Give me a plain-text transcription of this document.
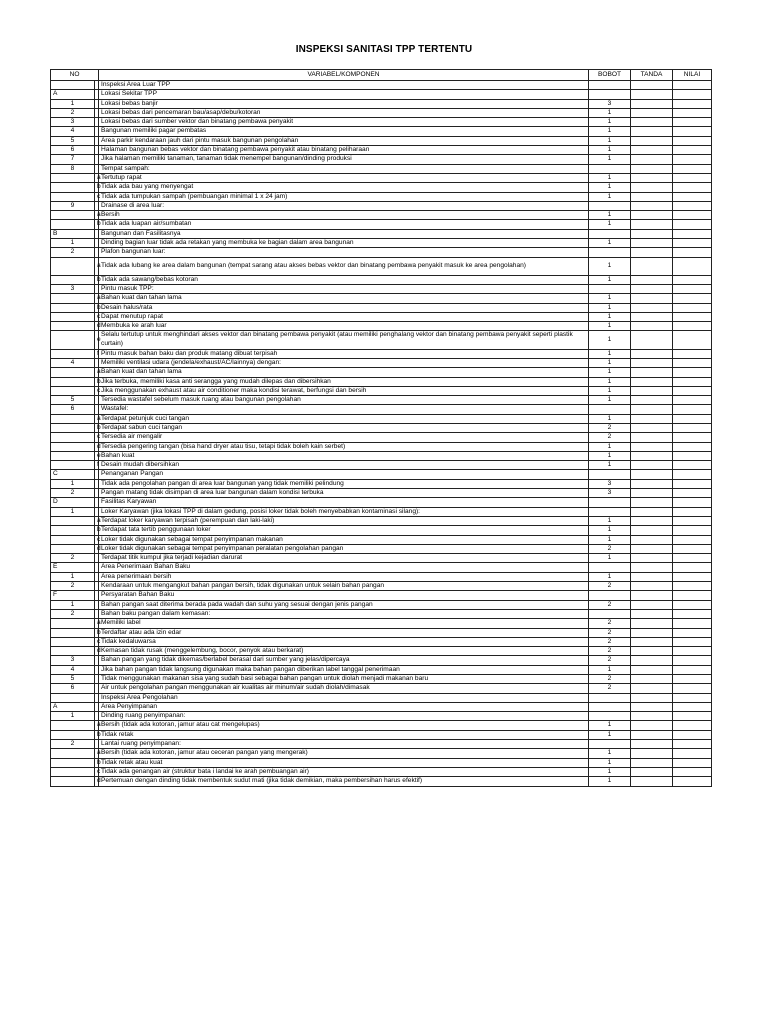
INSPEKSI SANITASI TPP TERTENTU
NO		VARIABEL/KOMPONEN	BOBOT	TANDA	NILAI
		Inspeksi Area Luar TPP			
A		Lokasi Sekitar TPP			
1		Lokasi bebas banjir	3		
2		Lokasi bebas dari pencemaran bau/asap/debu/kotoran	1		
3		Lokasi bebas dari sumber vektor dan binatang pembawa penyakit	1		
4		Bangunan memiliki pagar pembatas	1		
5		Area parkir kendaraan jauh dari pintu masuk bangunan pengolahan	1		
6		Halaman bangunan bebas vektor dan binatang pembawa penyakit atau binatang peliharaan	1		
7		Jika halaman memiliki tanaman, tanaman tidak menempel bangunan/dinding produksi	1		
8		Tempat sampah:			
	a	Tertutup rapat	1		
	b	Tidak ada bau yang menyengat	1		
	c	Tidak ada tumpukan sampah (pembuangan minimal 1 x 24 jam)	1		
9		Drainase di area luar:			
	a	Bersih	1		
	b	Tidak ada luapan air/sumbatan	1		
B		Bangunan dan Fasilitasnya			
1		Dinding bagian luar tidak ada retakan yang membuka ke bagian dalam area bangunan	1		
2		Plafon bangunan luar:			
	a	Tidak ada lubang ke area dalam bangunan (tempat sarang atau akses bebas vektor dan binatang pembawa penyakit masuk ke area pengolahan)	1		
	b	Tidak ada sawang/bebas kotoran	1		
3		Pintu masuk TPP:			
	a	Bahan kuat dan tahan lama	1		
	b	Desain halus/rata	1		
	c	Dapat menutup rapat	1		
	d	Membuka ke arah luar	1		
	e	Selalu tertutup untuk menghindari akses vektor dan binatang pembawa penyakit (atau memiliki penghalang vektor dan binatang pembawa penyakit seperti plastik curtain)	1		
	f	Pintu masuk bahan baku dan produk matang dibuat terpisah	1		
4		Memiliki ventilasi udara (jendela/exhaust/AC/lainnya) dengan:	1		
	a	Bahan kuat dan tahan lama	1		
	b	Jika terbuka, memiliki kasa anti serangga yang mudah dilepas dan dibersihkan	1		
	c	Jika menggunakan exhaust atau air conditioner maka kondisi terawat, berfungsi dan bersih	1		
5		Tersedia wastafel sebelum masuk ruang atau bangunan pengolahan	1		
6		Wastafel:			
	a	Terdapat petunjuk cuci tangan	1		
	b	Terdapat sabun cuci tangan	2		
	c	Tersedia air mengalir	2		
	d	Tersedia pengering tangan (bisa hand dryer atau tisu, tetapi tidak boleh kain serbet)	1		
	e	Bahan kuat	1		
	f	Desain mudah dibersihkan	1		
C		Penanganan Pangan			
1		Tidak ada pengolahan pangan di area luar bangunan yang tidak memiliki pelindung	3		
2		Pangan matang tidak disimpan di area luar bangunan dalam kondisi terbuka	3		
D		Fasilitas Karyawan			
1		Loker Karyawan (jika lokasi TPP di dalam gedung, posisi loker tidak boleh menyebabkan kontaminasi silang):			
	a	Terdapat loker karyawan terpisah (perempuan dan laki-laki)	1		
	b	Terdapat tata tertib penggunaan loker	1		
	c	Loker tidak digunakan sebagai tempat penyimpanan makanan	1		
	d	Loker tidak digunakan sebagai tempat penyimpanan peralatan pengolahan pangan	2		
2		Terdapat titik kumpul jika terjadi kejadian darurat	1		
E		Area Penerimaan Bahan Baku			
1		Area penerimaan bersih	1		
2		Kendaraan untuk mengangkut bahan pangan bersih, tidak digunakan untuk selain bahan pangan	2		
F		Persyaratan Bahan Baku			
1		Bahan pangan saat diterima berada pada wadah dan suhu yang sesuai dengan jenis pangan	2		
2		Bahan baku pangan dalam kemasan:			
	a	Memiliki label	2		
	b	Terdaftar atau ada izin edar	2		
	c	Tidak kedaluwarsa	2		
	d	Kemasan tidak rusak (menggelembung, bocor, penyok atau berkarat)	2		
3		Bahan pangan yang tidak dikemas/berlabel berasal dari sumber yang jelas/dipercaya	2		
4		Jika bahan pangan tidak langsung digunakan maka bahan pangan diberikan label tanggal penerimaan	1		
5		Tidak menggunakan makanan sisa yang sudah basi sebagai bahan pangan untuk diolah menjadi makanan baru	2		
6		Air untuk pengolahan pangan menggunakan air kualitas air minum/air sudah diolah/dimasak	2		
		Inspeksi Area Pengolahan			
A		Area Penyimpanan			
1		Dinding ruang penyimpanan:			
	a	Bersih (tidak ada kotoran, jamur atau cat mengelupas)	1		
	b	Tidak retak	1		
2		Lantai ruang penyimpanan:			
	a	Bersih (tidak ada kotoran, jamur atau ceceran pangan yang mengerak)	1		
	b	Tidak retak atau kuat	1		
	c	Tidak ada genangan air (struktur bata i landai ke arah pembuangan air)	1		
	d	Pertemuan dengan dinding tidak membentuk sudut mati (jika tidak demikian, maka pembersihan harus efektif)	1		
